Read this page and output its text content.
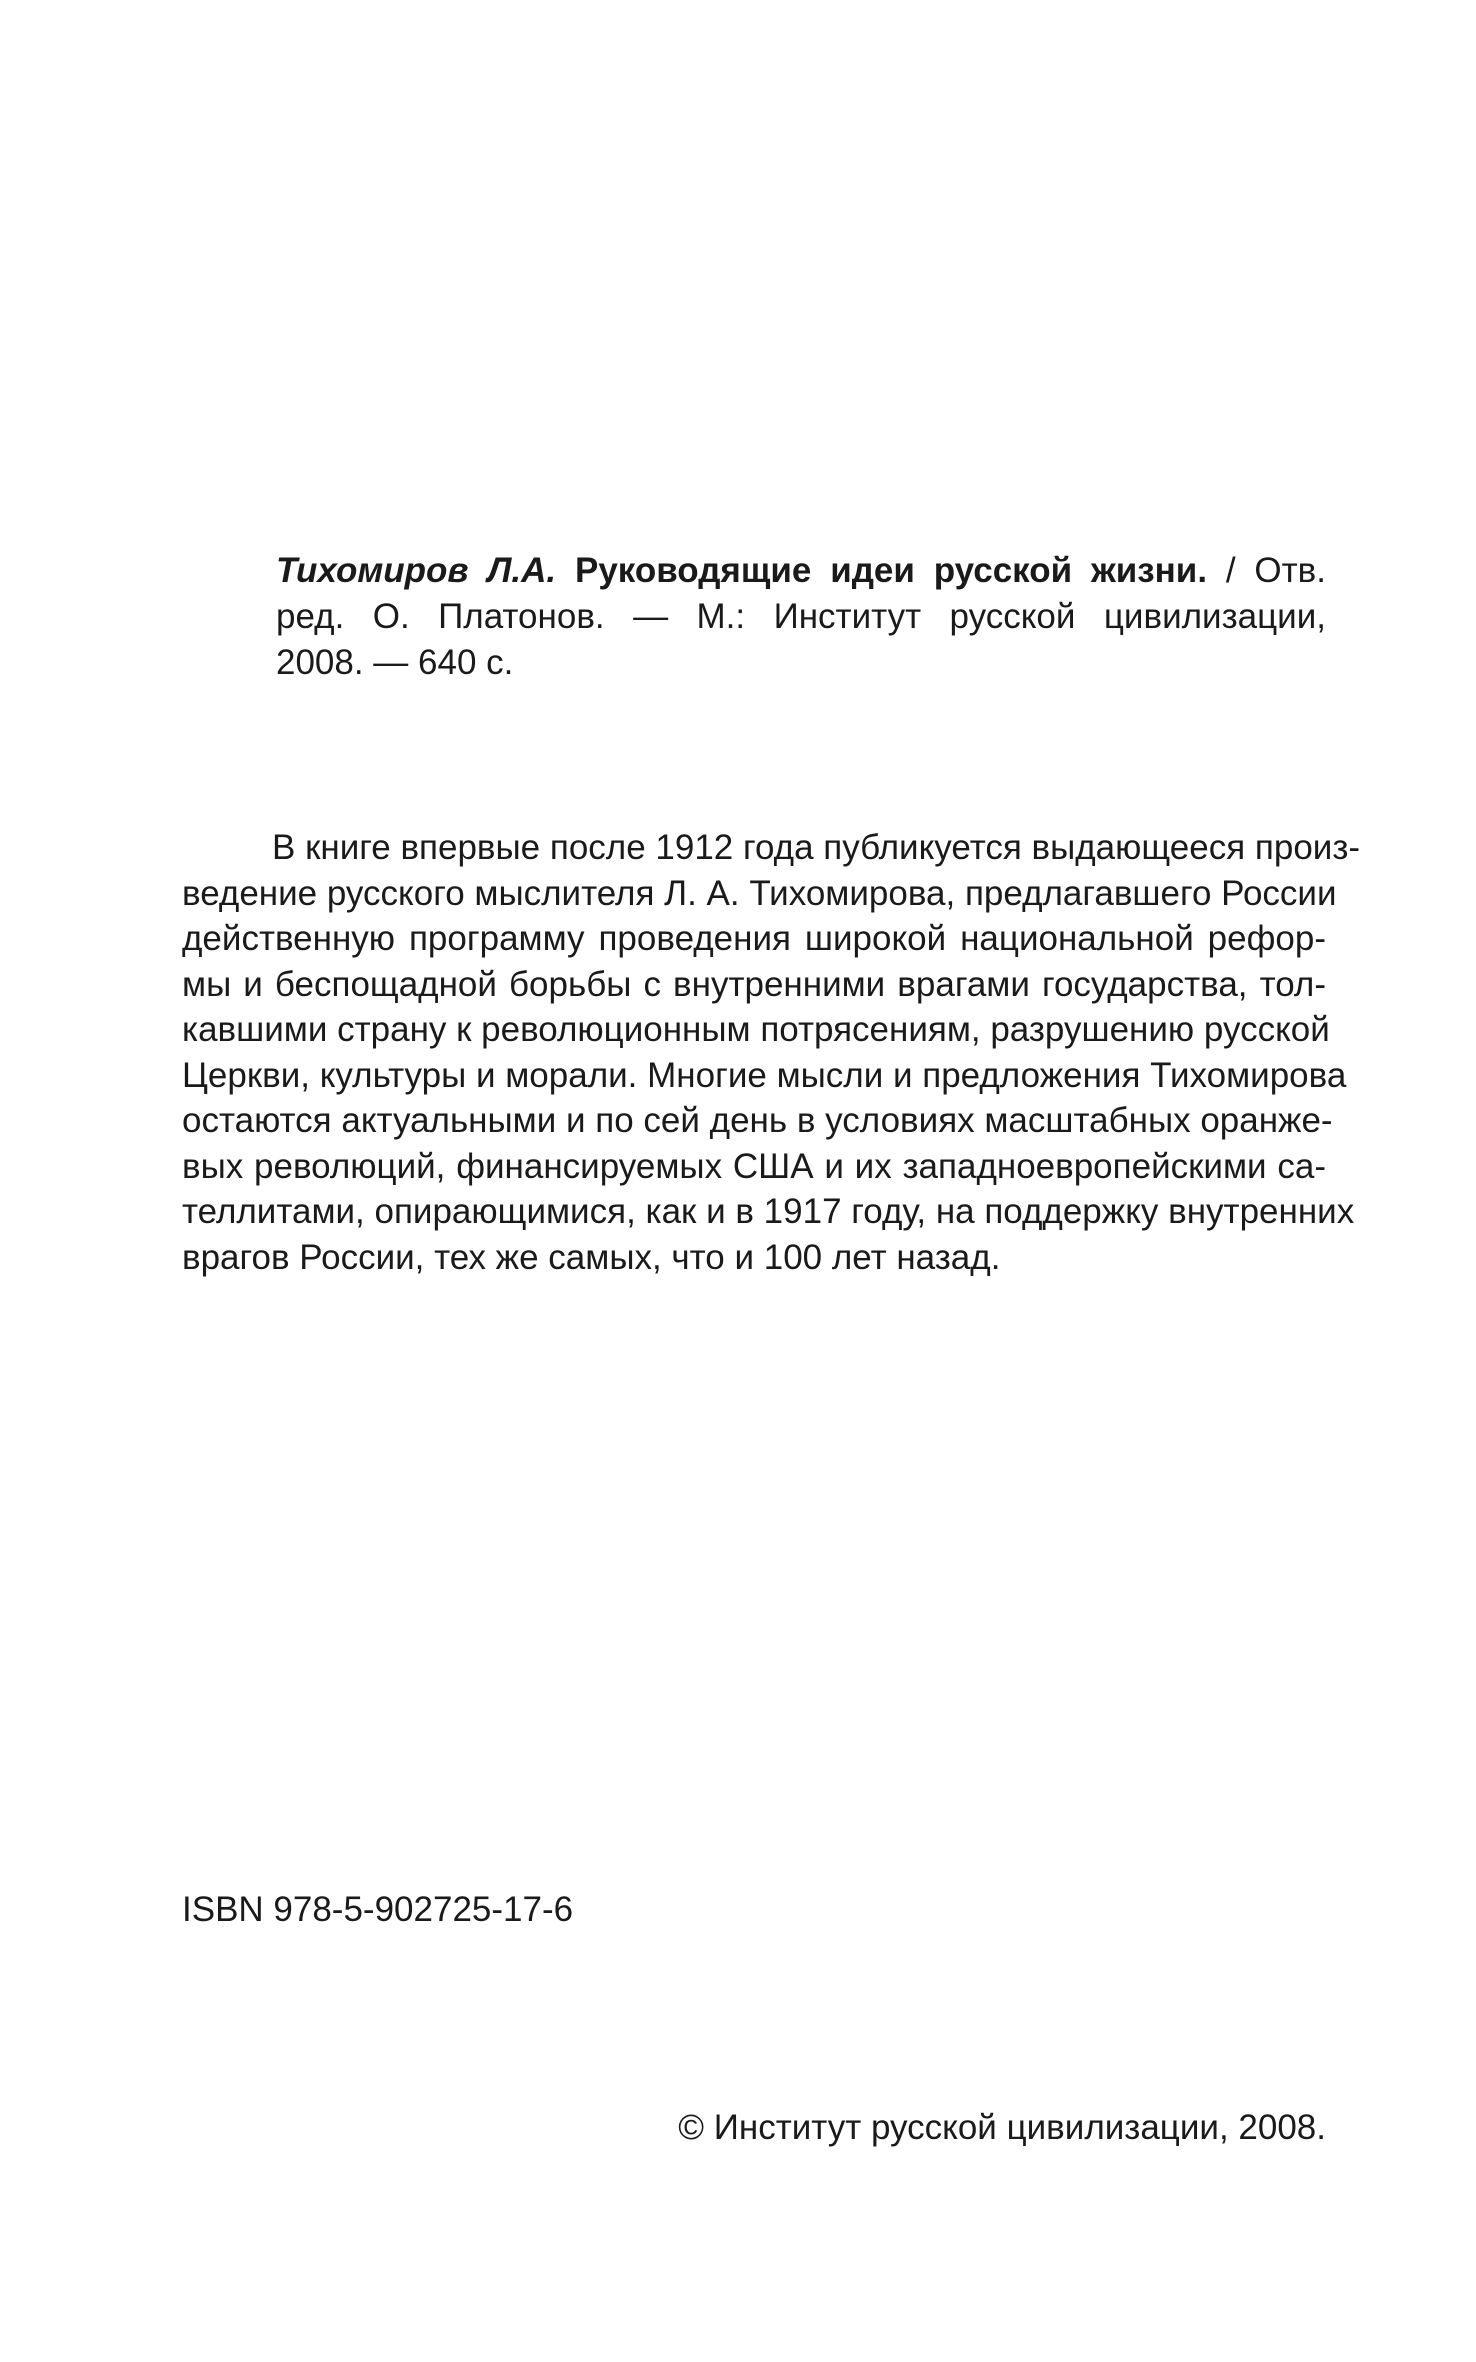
Тихомиров Л.А. Руководящие идеи русской жизни. / Отв.
ред. О. Платонов. — М.: Институт русской цивилизации,
2008. — 640 с.
В книге впервые после 1912 года публикуется выдающееся произ-
ведение русского мыслителя Л. А. Тихомирова, предлагавшего России
действенную программу проведения широкой национальной рефор-
мы и беспощадной борьбы с внутренними врагами государства, тол-
кавшими страну к революционным потрясениям, разрушению русской
Церкви, культуры и морали. Многие мысли и предложения Тихомирова
остаются актуальными и по сей день в условиях масштабных оранже-
вых революций, финансируемых США и их западноевропейскими са-
теллитами, опирающимися, как и в 1917 году, на поддержку внутренних
врагов России, тех же самых, что и 100 лет назад.
ISBN 978-5-902725-17-6
© Институт русской цивилизации, 2008.
